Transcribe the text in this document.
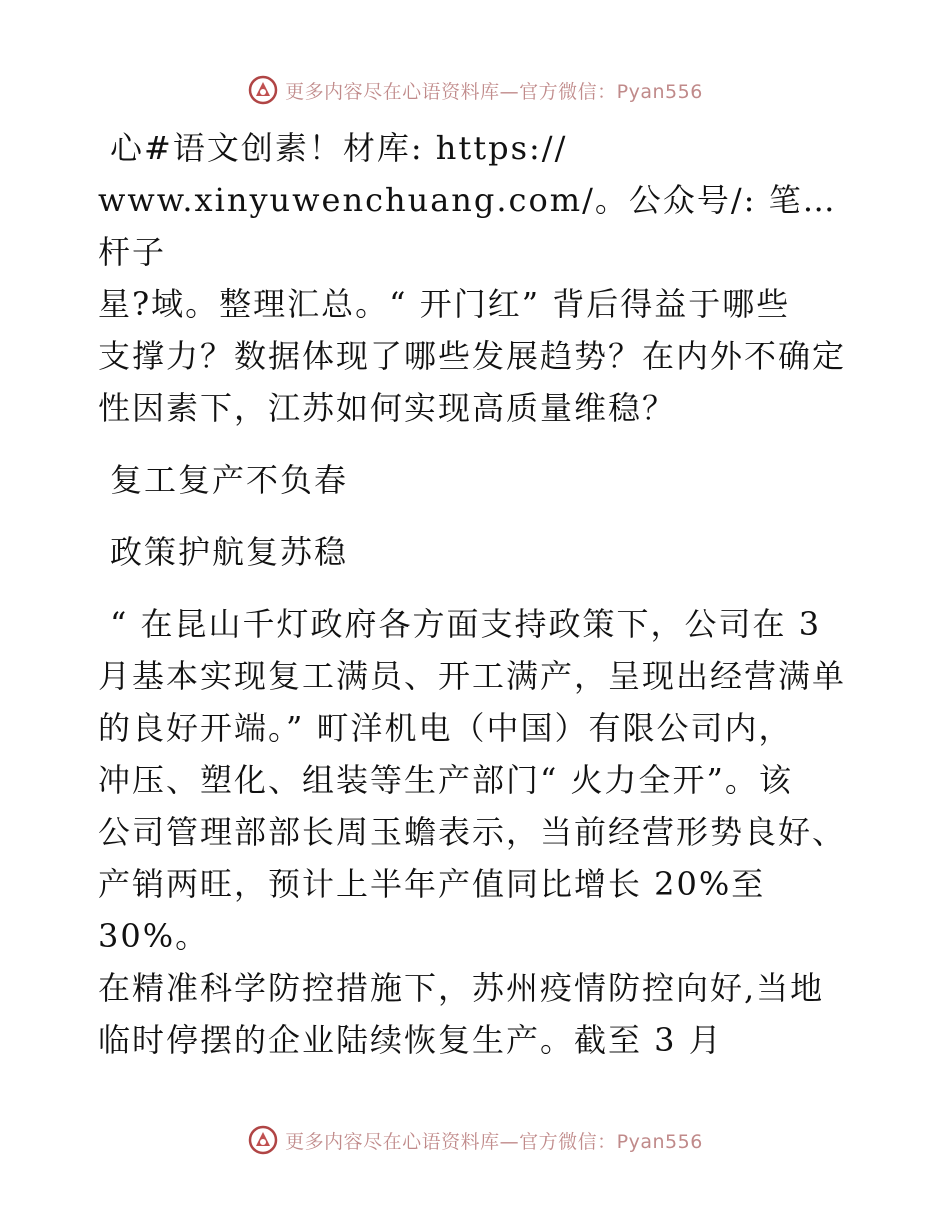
更多内容尽在心语资料库—官方微信：Pyan556

心#语文创素！材库: https://

www.xinyuwenchuang.com/。公众号/: 笔…杆子

星?域。整理汇总。“ 开门红” 背后得益于哪些

支撑力？数据体现了哪些发展趋势？在内外不确定

性因素下，江苏如何实现高质量维稳？

复工复产不负春

政策护航复苏稳

“ 在昆山千灯政府各方面支持政策下，公司在 3

月基本实现复工满员、开工满产，呈现出经营满单

的良好开端。” 町洋机电（中国）有限公司内，

冲压、塑化、组装等生产部门“ 火力全开”。该

公司管理部部长周玉蟾表示，当前经营形势良好、

产销两旺，预计上半年产值同比增长 20%至 30%。

在精准科学防控措施下，苏州疫情防控向好,当地

临时停摆的企业陆续恢复生产。截至 3 月

更多内容尽在心语资料库—官方微信：Pyan556
